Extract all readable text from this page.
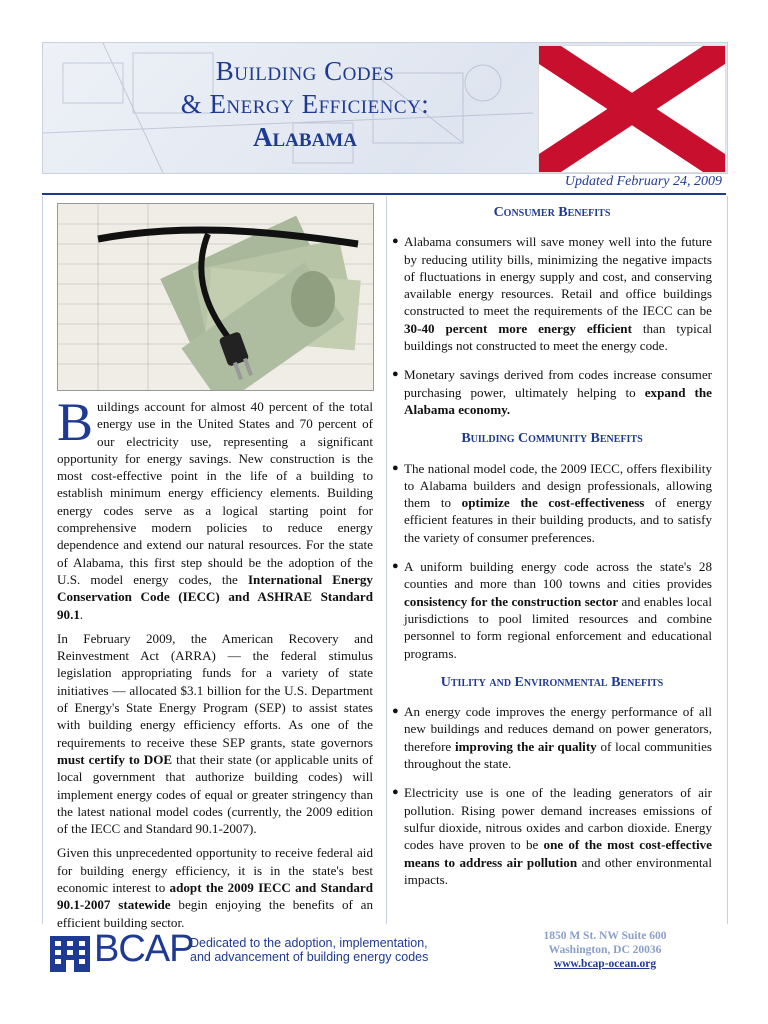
Building Codes
& Energy Efficiency:
Alabama
Updated February 24, 2009

Buildings account for almost 40 percent of the total energy use in the United States and 70 percent of our electricity use, representing a significant opportunity for energy savings. New construction is the most cost-effective point in the life of a building to establish minimum energy efficiency elements. Building energy codes serve as a logical starting point for comprehensive modern policies to reduce energy dependence and extend our natural resources. For the state of Alabama, this first step should be the adoption of the U.S. model energy codes, the International Energy Conservation Code (IECC) and ASHRAE Standard 90.1.

In February 2009, the American Recovery and Reinvestment Act (ARRA) — the federal stimulus legislation appropriating funds for a variety of state initiatives — allocated $3.1 billion for the U.S. Department of Energy's State Energy Program (SEP) to assist states with building energy efficiency efforts. As one of the requirements to receive these SEP grants, state governors must certify to DOE that their state (or applicable units of local government that authorize building codes) will implement energy codes of equal or greater stringency than the latest national model codes (currently, the 2009 edition of the IECC and Standard 90.1-2007).

Given this unprecedented opportunity to receive federal aid for building energy efficiency, it is in the state's best economic interest to adopt the 2009 IECC and Standard 90.1-2007 statewide begin enjoying the benefits of an efficient building sector.

Consumer Benefits
● Alabama consumers will save money well into the future by reducing utility bills, minimizing the negative impacts of fluctuations in energy supply and cost, and conserving available energy resources. Retail and office buildings constructed to meet the requirements of the IECC can be 30-40 percent more energy efficient than typical buildings not constructed to meet the energy code.
● Monetary savings derived from codes increase consumer purchasing power, ultimately helping to expand the Alabama economy.
Building Community Benefits
● The national model code, the 2009 IECC, offers flexibility to Alabama builders and design professionals, allowing them to optimize the cost-effectiveness of energy efficient features in their building products, and to satisfy the variety of consumer preferences.
● A uniform building energy code across the state's 28 counties and more than 100 towns and cities provides consistency for the construction sector and enables local jurisdictions to pool limited resources and combine personnel to form regional enforcement and educational programs.
Utility and Environmental Benefits
● An energy code improves the energy performance of all new buildings and reduces demand on power generators, therefore improving the air quality of local communities throughout the state.
● Electricity use is one of the leading generators of air pollution. Rising power demand increases emissions of sulfur dioxide, nitrous oxides and carbon dioxide. Energy codes have proven to be one of the most cost-effective means to address air pollution and other environmental impacts.
BCAP
Dedicated to the adoption, implementation,
and advancement of building energy codes
1850 M St. NW Suite 600
Washington, DC 20036
www.bcap-ocean.org
